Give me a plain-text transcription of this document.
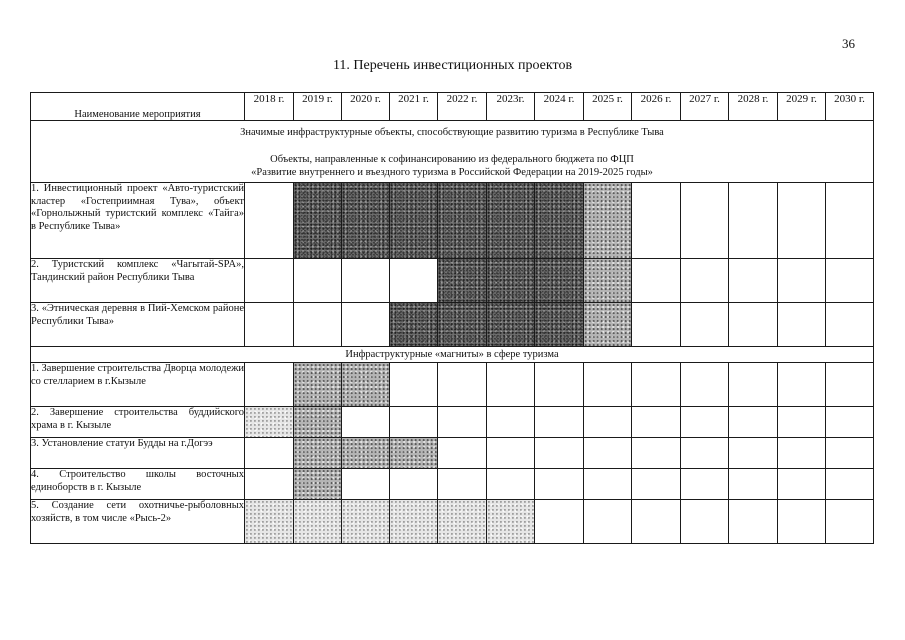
36
11. Перечень инвестиционных проектов
Наименование мероприятия	2018 г.	2019 г.	2020 г.	2021 г.	2022 г.	2023г.	2024 г.	2025 г.	2026 г.	2027 г.	2028 г.	2029 г.	2030 г.

Значимые инфраструктурные объекты, способствующие развитию туризма в Республике Тыва
Объекты, направленные к софинансированию из федерального бюджета по ФЦП
«Развитие внутреннего и въездного туризма в Российской Федерации на 2019-2025 годы»													

1. Инвестиционный проект «Авто-туристский кластер «Гостеприимная Тува», объект «Горнолыжный туристский комплекс «Тайга» в Республике Тыва»													
2. Туристский комплекс «Чагытай-SPA», Тандинский район Республики Тыва													
3. «Этническая деревня в Пий-Хемском районе Республики Тыва»													
Инфраструктурные «магниты» в сфере туризма													
1. Завершение строительства Дворца молодежи со стелларием в г.Кызыле													
2. Завершение строительства буддийского храма в г. Кызыле													
3. Установление статуи Будды на г.Догээ													
4. Строительство школы восточных единоборств в г. Кызыле													
5. Создание сети охотничье-рыболовных хозяйств, в том числе «Рысь-2»													
